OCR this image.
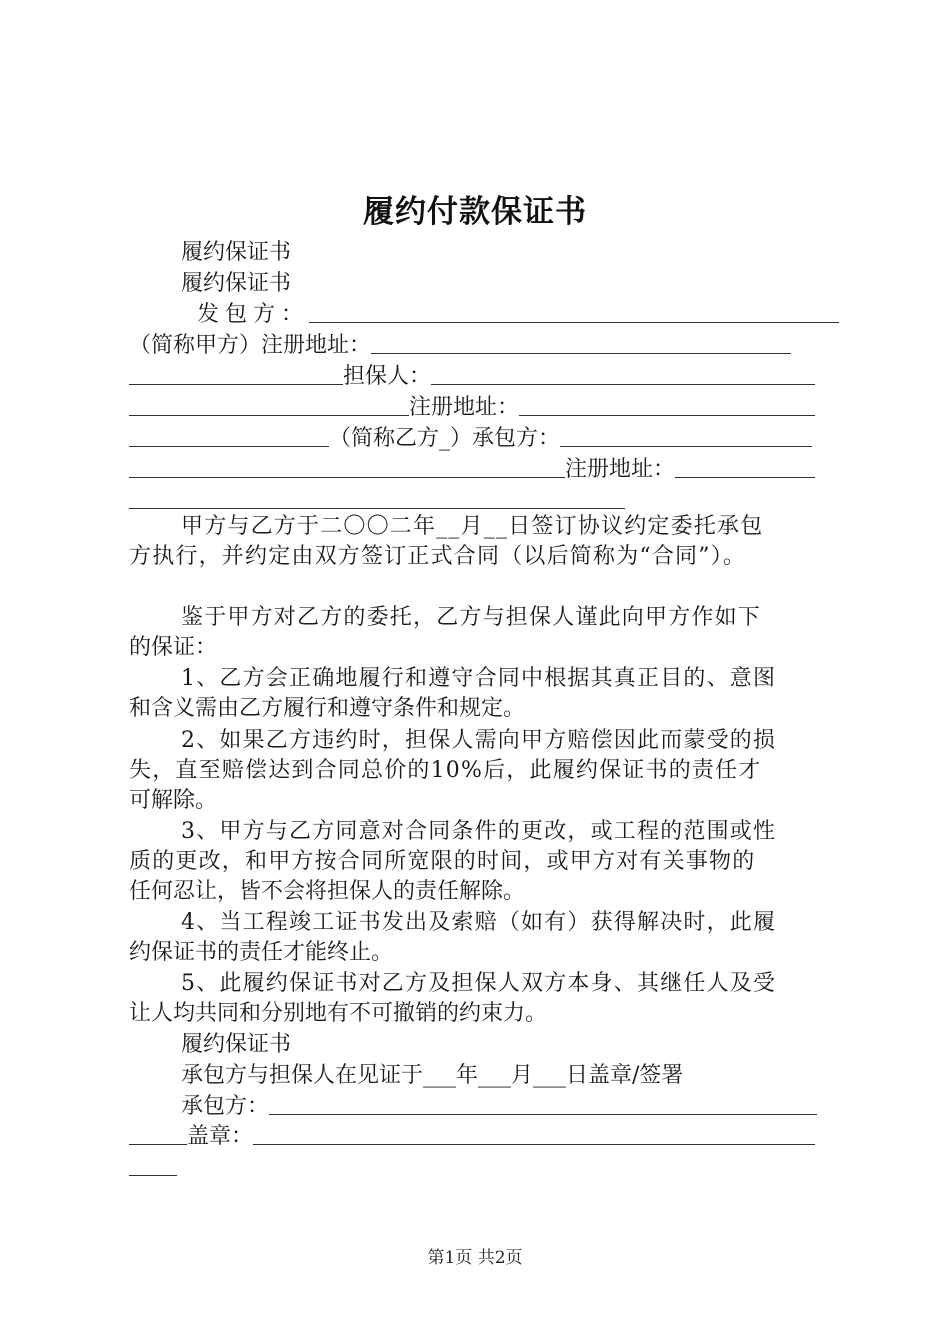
履约付款保证书
履约保证书
履约保证书
发包方：
（简称甲方）注册地址：
担保人：
注册地址：
（简称乙方_）承包方：
注册地址：
甲方与乙方于二〇〇二年__月__日签订协议约定委托承包
方执行，并约定由双方签订正式合同（以后简称为“合同”）。
鉴于甲方对乙方的委托，乙方与担保人谨此向甲方作如下
的保证：
1、乙方会正确地履行和遵守合同中根据其真正目的、意图
和含义需由乙方履行和遵守条件和规定。
2、如果乙方违约时，担保人需向甲方赔偿因此而蒙受的损
失，直至赔偿达到合同总价的10%后，此履约保证书的责任才
可解除。
3、甲方与乙方同意对合同条件的更改，或工程的范围或性
质的更改，和甲方按合同所宽限的时间，或甲方对有关事物的
任何忍让，皆不会将担保人的责任解除。
4、当工程竣工证书发出及索赔（如有）获得解决时，此履
约保证书的责任才能终止。
5、此履约保证书对乙方及担保人双方本身、其继任人及受
让人均共同和分别地有不可撤销的约束力。
履约保证书
承包方与担保人在见证于___年___月___日盖章/签署
承包方：
盖章：
第1页 共2页
